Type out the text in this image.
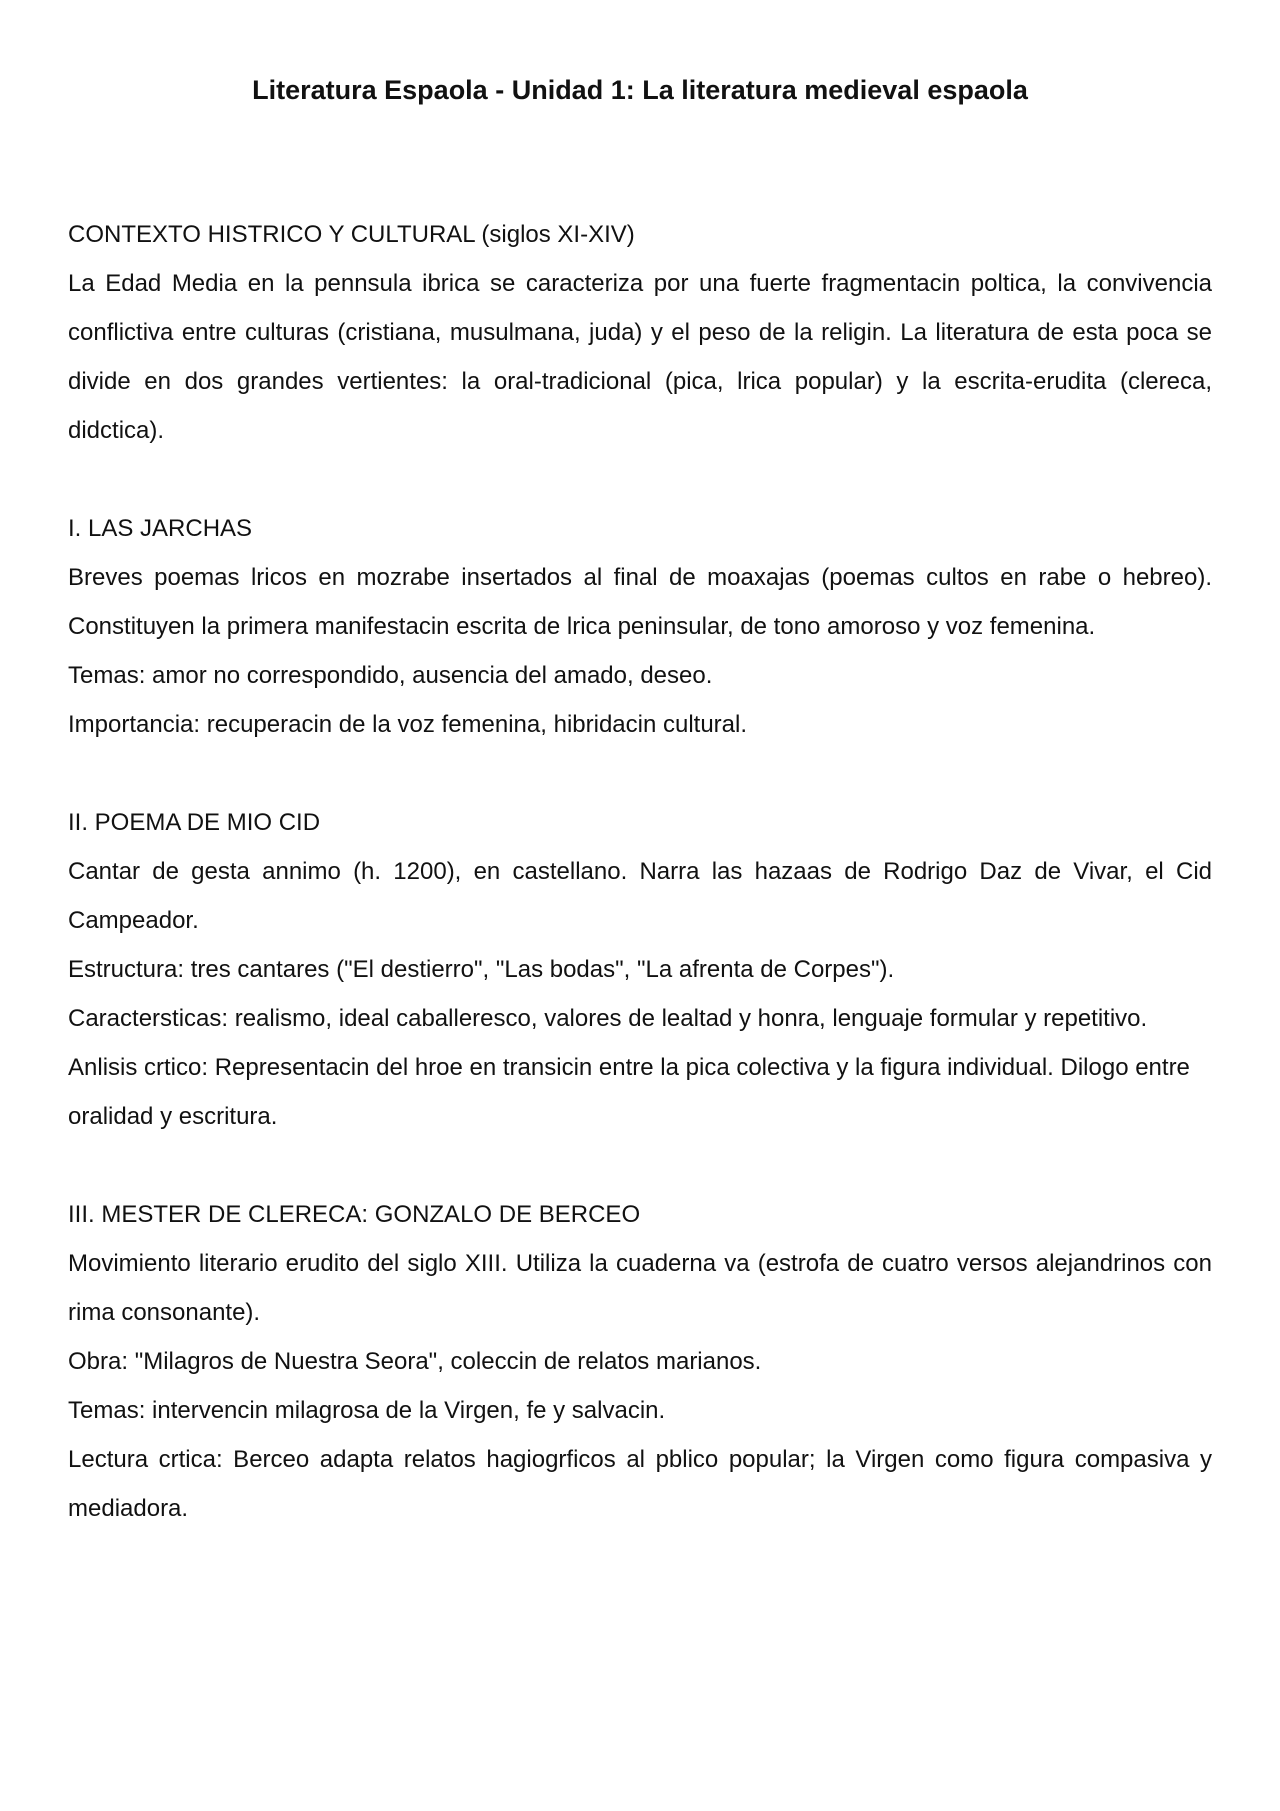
Literatura Espaola - Unidad 1: La literatura medieval espaola
CONTEXTO HISTRICO Y CULTURAL (siglos XI-XIV)

La Edad Media en la pennsula ibrica se caracteriza por una fuerte fragmentacin poltica, la convivencia conflictiva entre culturas (cristiana, musulmana, juda) y el peso de la religin. La literatura de esta poca se divide en dos grandes vertientes: la oral-tradicional (pica, lrica popular) y la escrita-erudita (clereca, didctica).

I. LAS JARCHAS

Breves poemas lricos en mozrabe insertados al final de moaxajas (poemas cultos en rabe o hebreo). Constituyen la primera manifestacin escrita de lrica peninsular, de tono amoroso y voz femenina.

Temas: amor no correspondido, ausencia del amado, deseo.

Importancia: recuperacin de la voz femenina, hibridacin cultural.

II. POEMA DE MIO CID

Cantar de gesta annimo (h. 1200), en castellano. Narra las hazaas de Rodrigo Daz de Vivar, el Cid Campeador.

Estructura: tres cantares ("El destierro", "Las bodas", "La afrenta de Corpes").

Caractersticas: realismo, ideal caballeresco, valores de lealtad y honra, lenguaje formular y repetitivo.

Anlisis crtico: Representacin del hroe en transicin entre la pica colectiva y la figura individual. Dilogo entre oralidad y escritura.

III. MESTER DE CLERECA: GONZALO DE BERCEO

Movimiento literario erudito del siglo XIII. Utiliza la cuaderna va (estrofa de cuatro versos alejandrinos con rima consonante).

Obra: "Milagros de Nuestra Seora", coleccin de relatos marianos.

Temas: intervencin milagrosa de la Virgen, fe y salvacin.

Lectura crtica: Berceo adapta relatos hagiogrficos al pblico popular; la Virgen como figura compasiva y mediadora.
